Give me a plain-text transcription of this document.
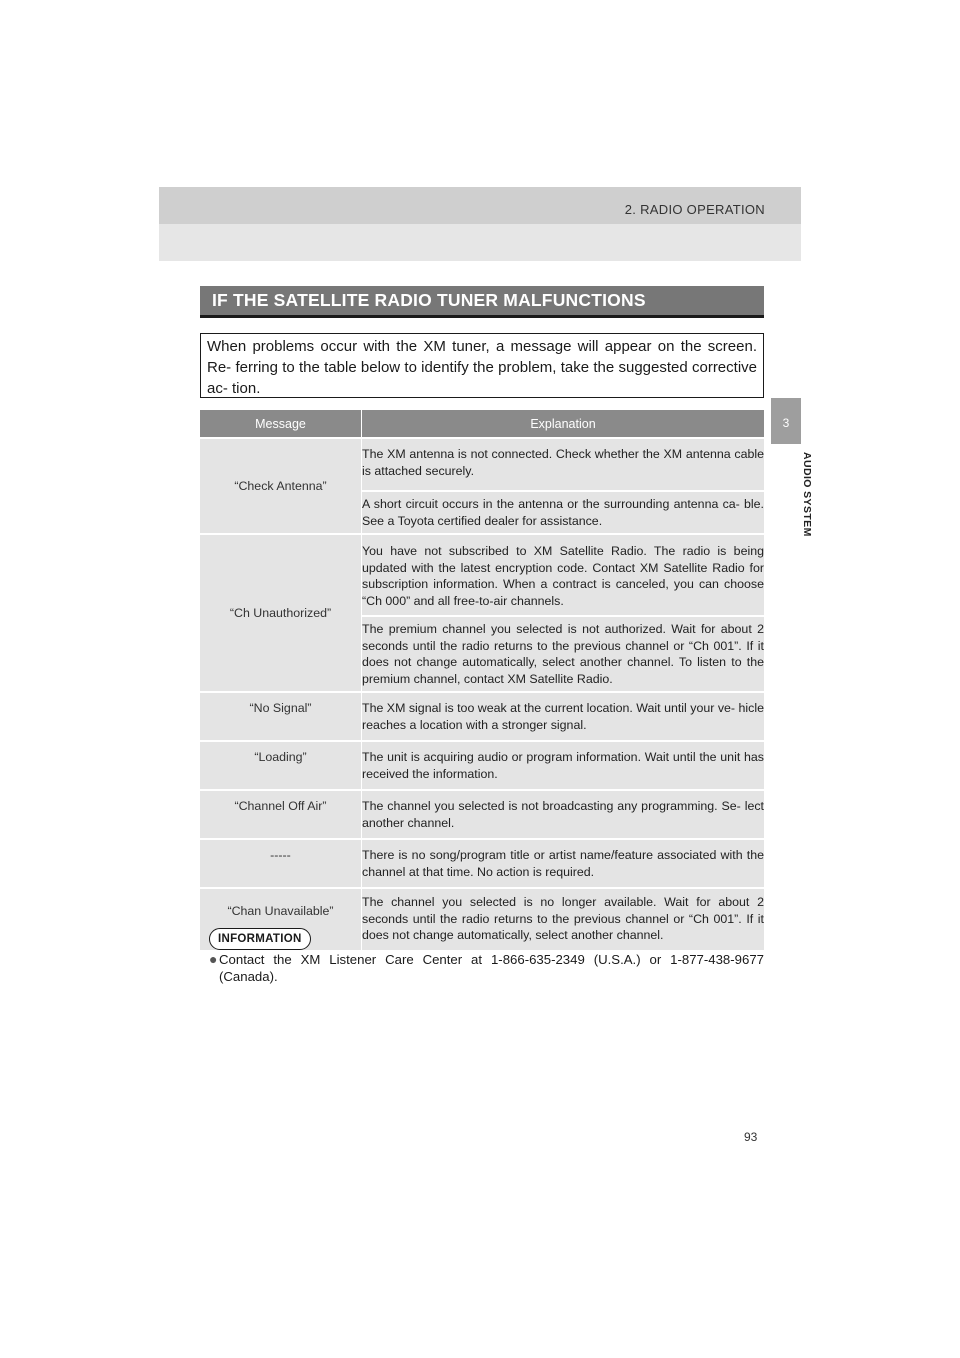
2. RADIO OPERATION
3
AUDIO SYSTEM
IF THE SATELLITE RADIO TUNER MALFUNCTIONS
When problems occur with the XM tuner, a message will appear on the screen. Re- ferring to the table below to identify the problem, take the suggested corrective ac- tion.
Message	Explanation
“Check Antenna”	The XM antenna is not connected. Check whether the XM antenna cable is attached securely.
	A short circuit occurs in the antenna or the surrounding antenna ca- ble. See a Toyota certified dealer for assistance.
“Ch Unauthorized”	You have not subscribed to XM Satellite Radio. The radio is being updated with the latest encryption code. Contact XM Satellite Radio for subscription information. When a contract is canceled, you can choose “Ch 000” and all free-to-air channels.
	The premium channel you selected is not authorized. Wait for about 2 seconds until the radio returns to the previous channel or “Ch 001”. If it does not change automatically, select another channel. To listen to the premium channel, contact XM Satellite Radio.
“No Signal”	The XM signal is too weak at the current location. Wait until your ve- hicle reaches a location with a stronger signal.
“Loading”	The unit is acquiring audio or program information. Wait until the unit has received the information.
“Channel Off Air”	The channel you selected is not broadcasting any programming. Se- lect another channel.
-----	There is no song/program title or artist name/feature associated with the channel at that time. No action is required.
“Chan Unavailable”	The channel you selected is no longer available. Wait for about 2 seconds until the radio returns to the previous channel or “Ch 001”. If it does not change automatically, select another channel.
INFORMATION
● Contact the XM Listener Care Center at 1-866-635-2349 (U.S.A.) or 1-877-438-9677 (Canada).
93
